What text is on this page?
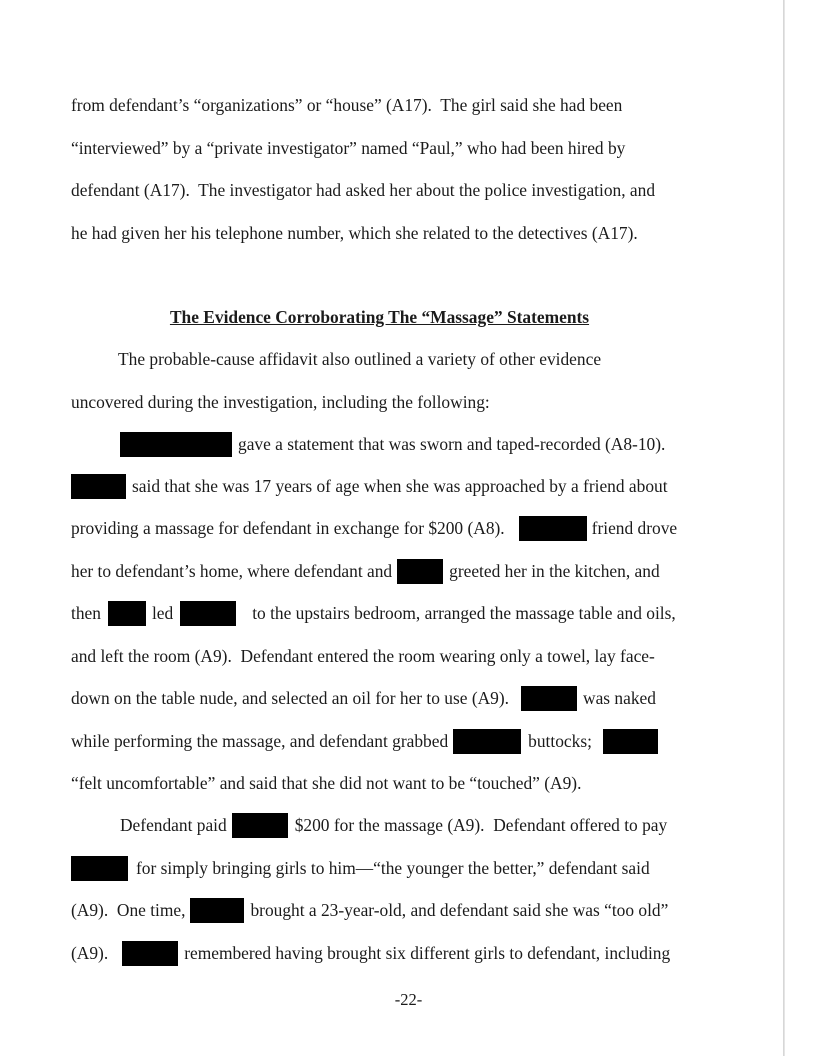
from defendant’s “organizations” or “house” (A17).  The girl said she had been
“interviewed” by a “private investigator” named “Paul,” who had been hired by
defendant (A17).  The investigator had asked her about the police investigation, and
he had given her his telephone number, which she related to the detectives (A17).
The Evidence Corroborating The “Massage” Statements
The probable-cause affidavit also outlined a variety of other evidence
uncovered during the investigation, including the following:
gave a statement that was sworn and taped-recorded (A8-10).
said that she was 17 years of age when she was approached by a friend about
providing a massage for defendant in exchange for $200 (A8).	friend drove
her to defendant’s home, where defendant and	greeted her in the kitchen, and
then	led	to the upstairs bedroom, arranged the massage table and oils,
and left the room (A9).  Defendant entered the room wearing only a towel, lay face-
down on the table nude, and selected an oil for her to use (A9).	was naked
while performing the massage, and defendant grabbed	buttocks;
“felt uncomfortable” and said that she did not want to be “touched” (A9).
Defendant paid	$200 for the massage (A9).  Defendant offered to pay
for simply bringing girls to him—“the younger the better,” defendant said
(A9).  One time,	brought a 23-year-old, and defendant said she was “too old”
(A9).	remembered having brought six different girls to defendant, including
-22-
